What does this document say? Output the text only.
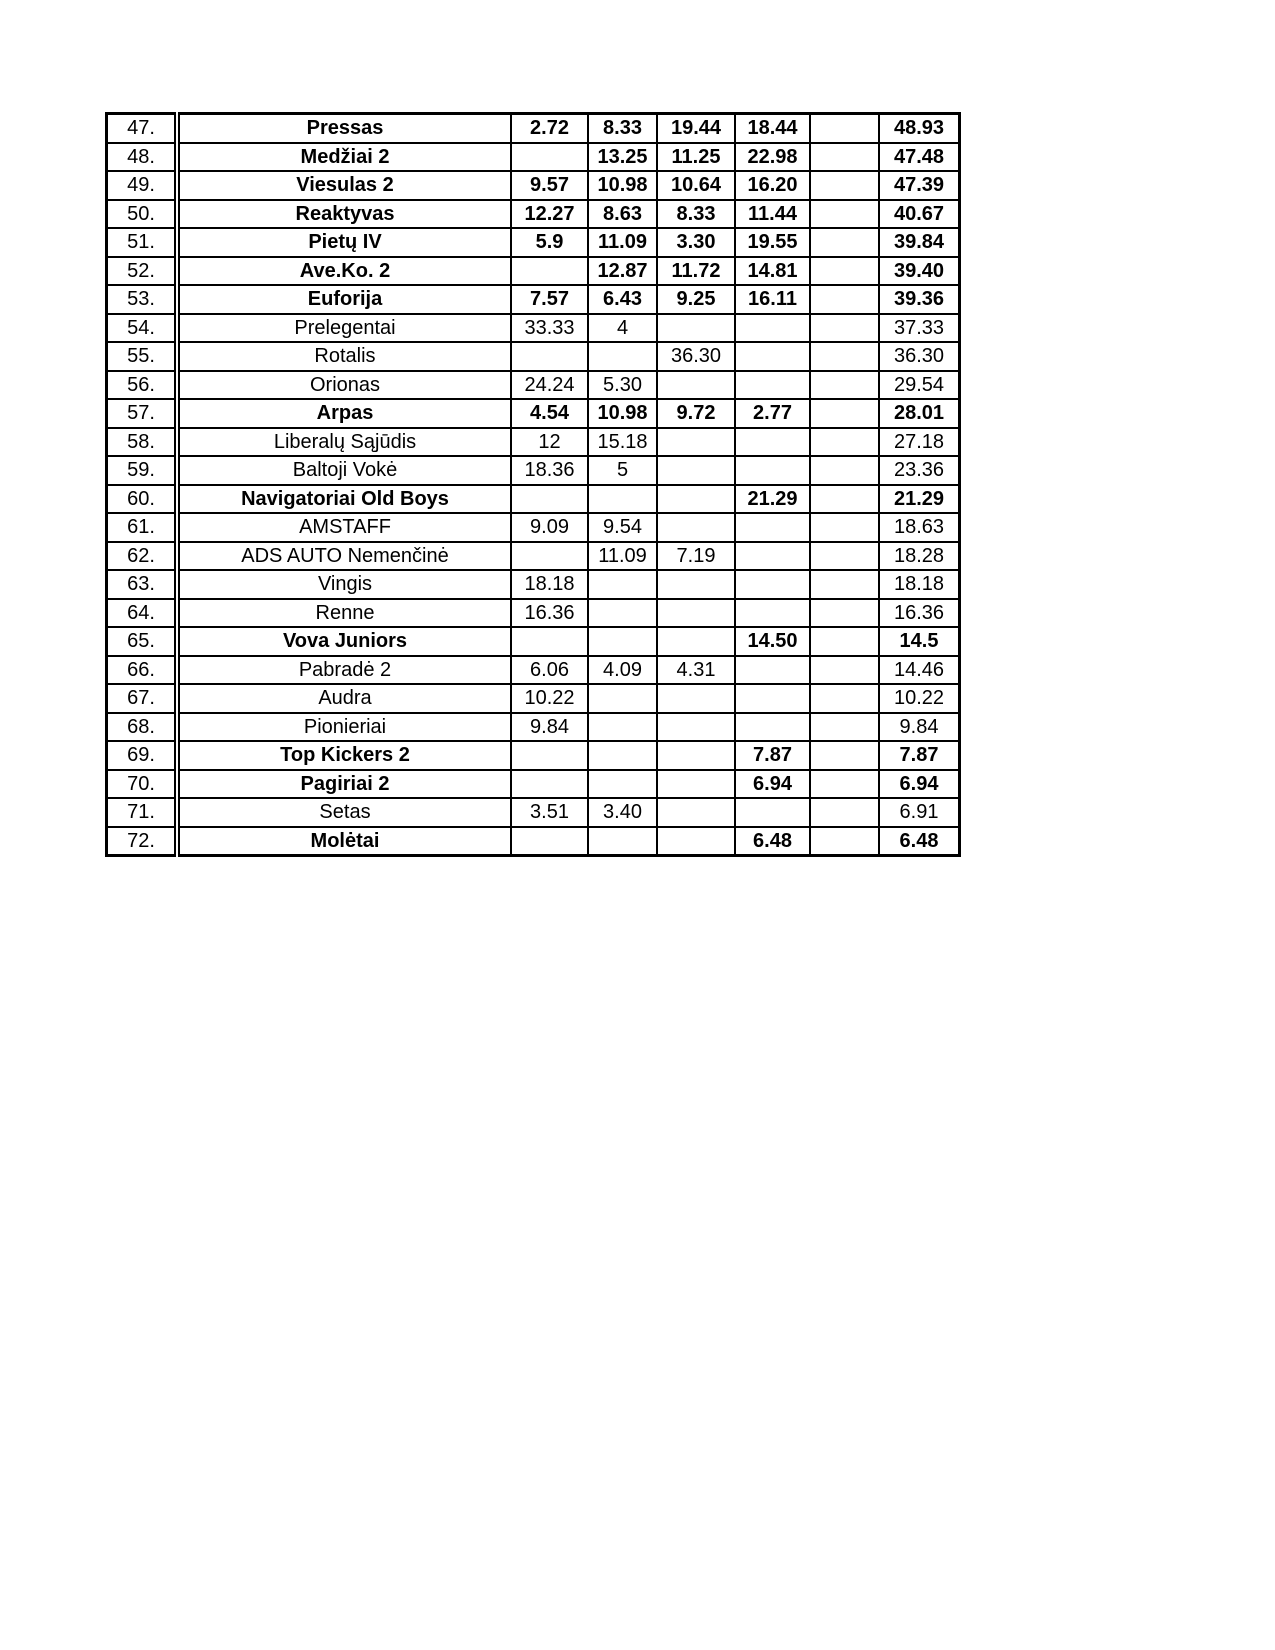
47.	Pressas	2.72	8.33	19.44	18.44		48.93
48.	Medžiai 2		13.25	11.25	22.98		47.48
49.	Viesulas 2	9.57	10.98	10.64	16.20		47.39
50.	Reaktyvas	12.27	8.63	8.33	11.44		40.67
51.	Pietų IV	5.9	11.09	3.30	19.55		39.84
52.	Ave.Ko. 2		12.87	11.72	14.81		39.40
53.	Euforija	7.57	6.43	9.25	16.11		39.36
54.	Prelegentai	33.33	4				37.33
55.	Rotalis			36.30			36.30
56.	Orionas	24.24	5.30				29.54
57.	Arpas	4.54	10.98	9.72	2.77		28.01
58.	Liberalų Sąjūdis	12	15.18				27.18
59.	Baltoji Vokė	18.36	5				23.36
60.	Navigatoriai Old Boys				21.29		21.29
61.	AMSTAFF	9.09	9.54				18.63
62.	ADS AUTO Nemenčinė		11.09	7.19			18.28
63.	Vingis	18.18					18.18
64.	Renne	16.36					16.36
65.	Vova Juniors				14.50		14.5
66.	Pabradė 2	6.06	4.09	4.31			14.46
67.	Audra	10.22					10.22
68.	Pionieriai	9.84					9.84
69.	Top Kickers 2				7.87		7.87
70.	Pagiriai 2				6.94		6.94
71.	Setas	3.51	3.40				6.91
72.	Molėtai				6.48		6.48
